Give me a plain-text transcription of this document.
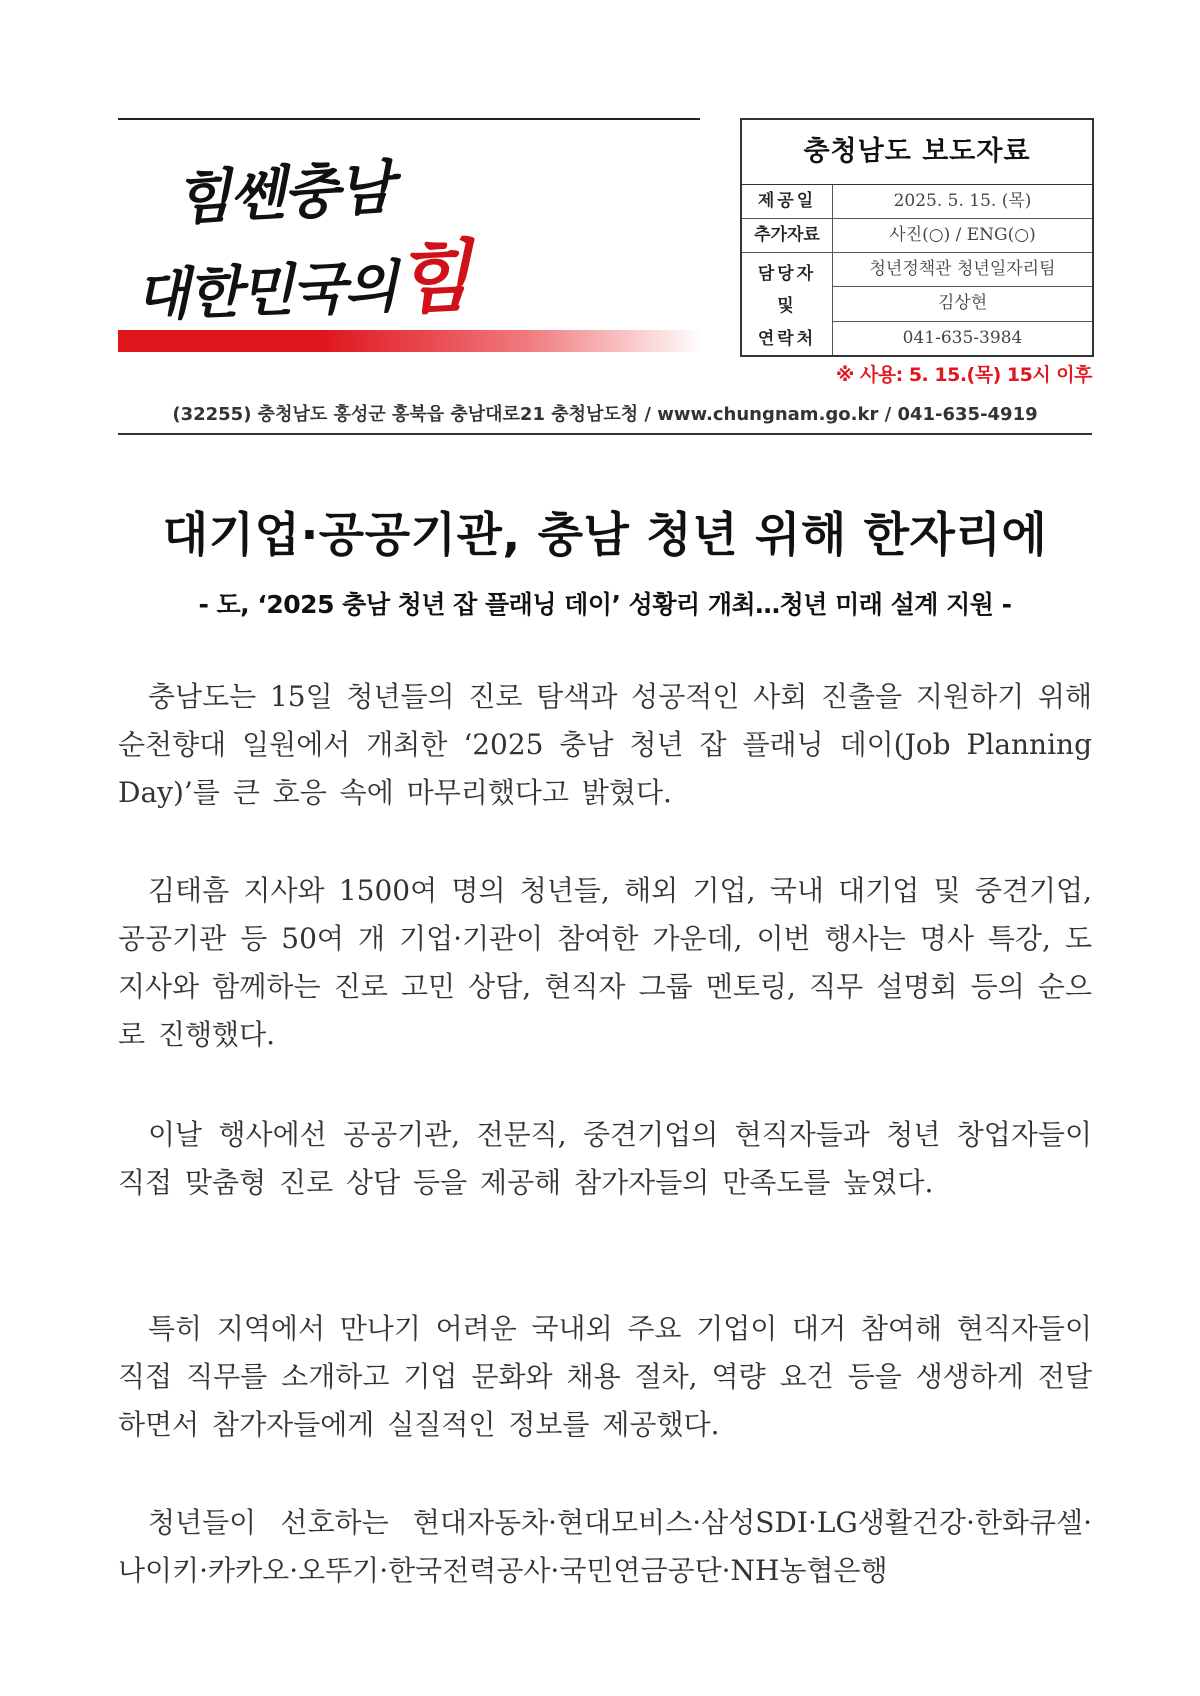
힘쎈충남
대한민국의힘
충청남도 보도자료
제공일	2025. 5. 15. (목)
추가자료	사진(○) / ENG(○)
담당자
및
연락처
청년정책관 청년일자리팀
김상현
041-635-3984
※ 사용: 5. 15.(목) 15시 이후
(32255) 충청남도 홍성군 홍북읍 충남대로21 충청남도청 / www.chungnam.go.kr / 041-635-4919
대기업·공공기관, 충남 청년 위해 한자리에
- 도, ‘2025 충남 청년 잡 플래닝 데이’ 성황리 개최…청년 미래 설계 지원 -
충남도는 15일 청년들의 진로 탐색과 성공적인 사회 진출을 지원하기 위해 순천향대 일원에서 개최한 ‘2025 충남 청년 잡 플래닝 데이(Job Planning Day)’를 큰 호응 속에 마무리했다고 밝혔다.
김태흠 지사와 1500여 명의 청년들, 해외 기업, 국내 대기업 및 중견기업, 공공기관 등 50여 개 기업·기관이 참여한 가운데, 이번 행사는 명사 특강, 도지사와 함께하는 진로 고민 상담, 현직자 그룹 멘토링, 직무 설명회 등의 순으로 진행했다.
이날 행사에선 공공기관, 전문직, 중견기업의 현직자들과 청년 창업자들이 직접 맞춤형 진로 상담 등을 제공해 참가자들의 만족도를 높였다.
특히 지역에서 만나기 어려운 국내외 주요 기업이 대거 참여해 현직자들이 직접 직무를 소개하고 기업 문화와 채용 절차, 역량 요건 등을 생생하게 전달하면서 참가자들에게 실질적인 정보를 제공했다.
청년들이 선호하는 현대자동차·현대모비스·삼성SDI·LG생활건강·한화큐셀·나이키·카카오·오뚜기·한국전력공사·국민연금공단·NH농협은행
